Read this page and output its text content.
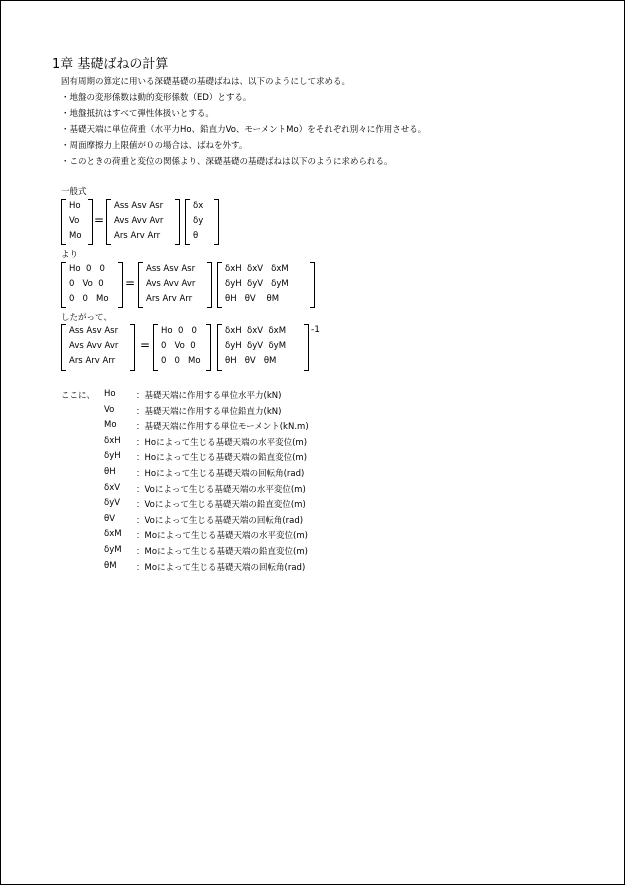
1章 基礎ばねの計算
固有周期の算定に用いる深礎基礎の基礎ばねは、以下のようにして求める。
・地盤の変形係数は動的変形係数（ED）とする。
・地盤抵抗はすべて弾性体扱いとする。
・基礎天端に単位荷重（水平力Ho、鉛直力Vo、モーメントMo）をそれぞれ別々に作用させる。
・周面摩擦力上限値が０の場合は、ばねを外す。
・このときの荷重と変位の関係より、深礎基礎の基礎ばねは以下のように求められる。
一般式
Ho
Vo
Mo
=
Ass Asv Asr
Avs Avv Avr
Ars Arv Arr
δx
δy
θ
より
Ho  0   0
0   Vo  0
0   0   Mo
=
Ass Asv Asr
Avs Avv Avr
Ars Arv Arr
δxH  δxV   δxM
δyH  δyV   δyM
θH   θV    θM
したがって、
Ass Asv Asr
Avs Avv Avr
Ars Arv Arr
=
Ho  0   0
0   Vo  0
0   0   Mo
δxH  δxV  δxM
δyH  δyV  δyM
θH   θV   θM
-1
ここに、 Ho ：基礎天端に作用する単位水平力(kN)
Vo	：基礎天端に作用する単位鉛直力(kN)
Mo ：基礎天端に作用する単位モーメント(kN.m)
δxH ：Hoによって生じる基礎天端の水平変位(m)
δyH ：Hoによって生じる基礎天端の鉛直変位(m)
θH ：Hoによって生じる基礎天端の回転角(rad)
δxV ：Voによって生じる基礎天端の水平変位(m)
δyV ：Voによって生じる基礎天端の鉛直変位(m)
θV ：Voによって生じる基礎天端の回転角(rad)
δxM ：Moによって生じる基礎天端の水平変位(m)
δyM ：Moによって生じる基礎天端の鉛直変位(m)
θM ：Moによって生じる基礎天端の回転角(rad)
